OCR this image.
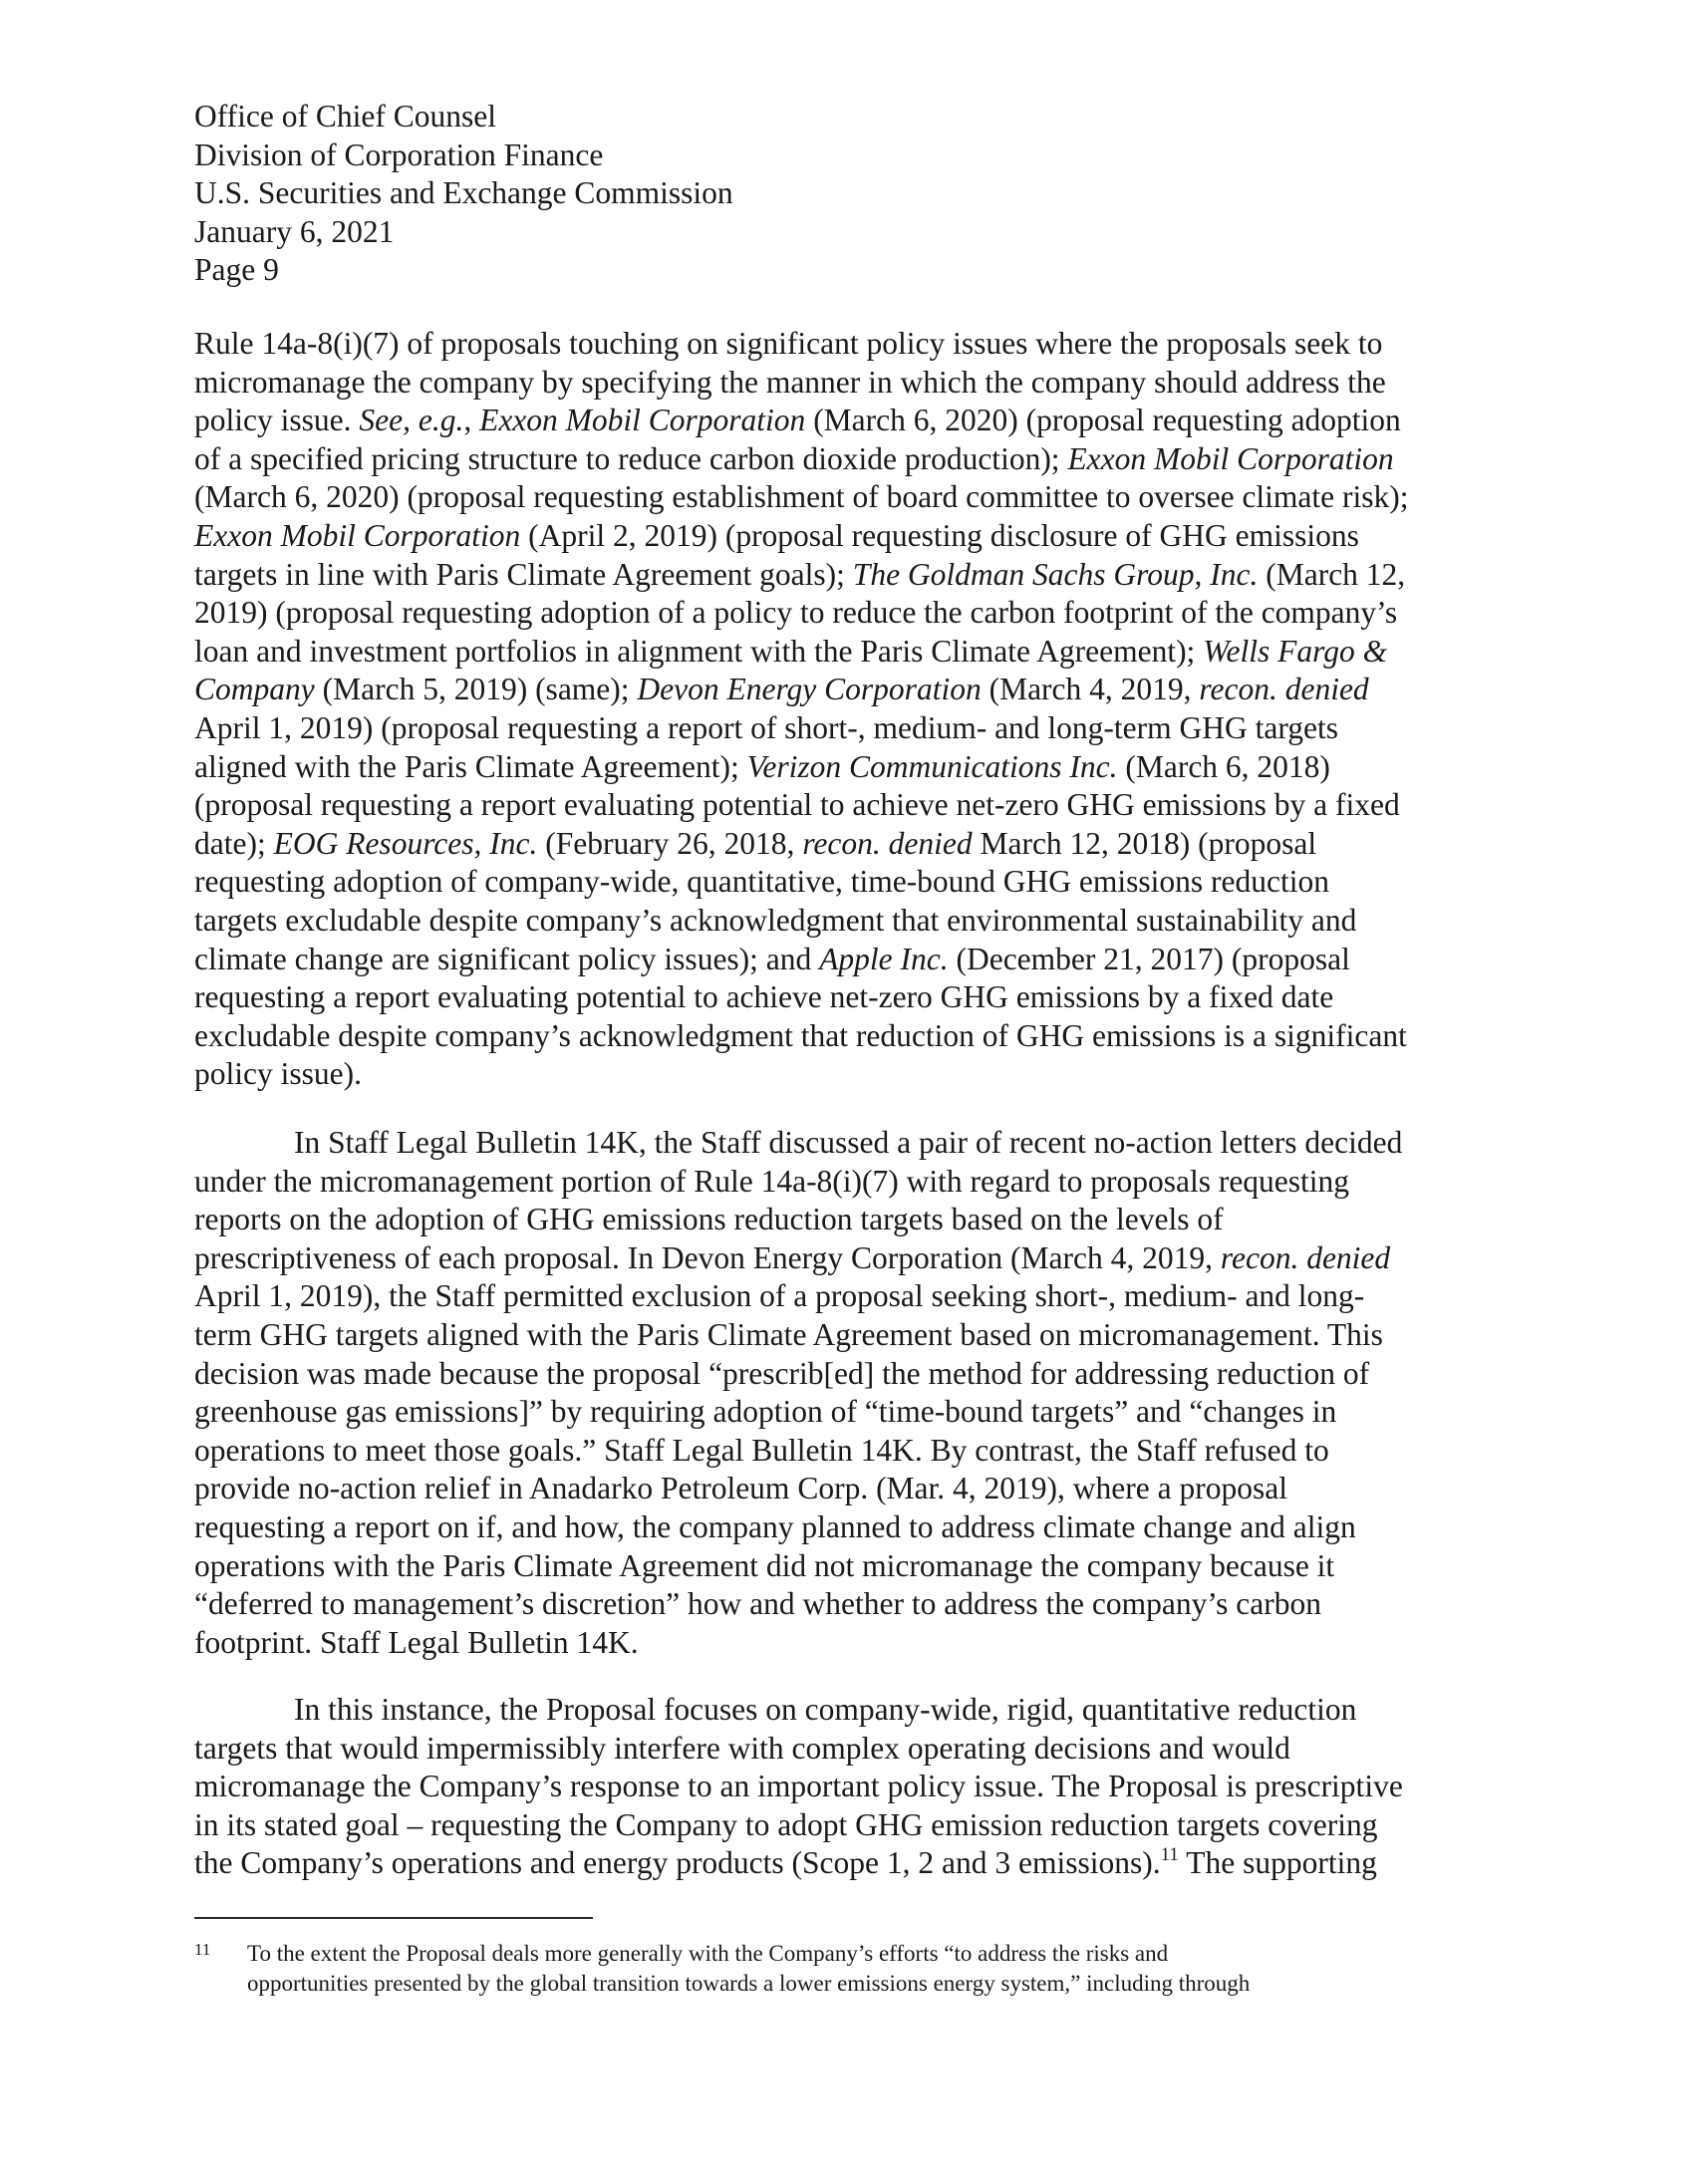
Office of Chief Counsel
Division of Corporation Finance
U.S. Securities and Exchange Commission
January 6, 2021
Page 9

Rule 14a-8(i)(7) of proposals touching on significant policy issues where the proposals seek to
micromanage the company by specifying the manner in which the company should address the
policy issue. See, e.g., Exxon Mobil Corporation (March 6, 2020) (proposal requesting adoption
of a specified pricing structure to reduce carbon dioxide production); Exxon Mobil Corporation
(March 6, 2020) (proposal requesting establishment of board committee to oversee climate risk);
Exxon Mobil Corporation (April 2, 2019) (proposal requesting disclosure of GHG emissions
targets in line with Paris Climate Agreement goals); The Goldman Sachs Group, Inc. (March 12,
2019) (proposal requesting adoption of a policy to reduce the carbon footprint of the company’s
loan and investment portfolios in alignment with the Paris Climate Agreement); Wells Fargo &
Company (March 5, 2019) (same); Devon Energy Corporation (March 4, 2019, recon. denied
April 1, 2019) (proposal requesting a report of short-, medium- and long-term GHG targets
aligned with the Paris Climate Agreement); Verizon Communications Inc. (March 6, 2018)
(proposal requesting a report evaluating potential to achieve net-zero GHG emissions by a fixed
date); EOG Resources, Inc. (February 26, 2018, recon. denied March 12, 2018) (proposal
requesting adoption of company-wide, quantitative, time-bound GHG emissions reduction
targets excludable despite company’s acknowledgment that environmental sustainability and
climate change are significant policy issues); and Apple Inc. (December 21, 2017) (proposal
requesting a report evaluating potential to achieve net-zero GHG emissions by a fixed date
excludable despite company’s acknowledgment that reduction of GHG emissions is a significant
policy issue).

In Staff Legal Bulletin 14K, the Staff discussed a pair of recent no-action letters decided
under the micromanagement portion of Rule 14a-8(i)(7) with regard to proposals requesting
reports on the adoption of GHG emissions reduction targets based on the levels of
prescriptiveness of each proposal. In Devon Energy Corporation (March 4, 2019, recon. denied
April 1, 2019), the Staff permitted exclusion of a proposal seeking short-, medium- and long-
term GHG targets aligned with the Paris Climate Agreement based on micromanagement. This
decision was made because the proposal “prescrib[ed] the method for addressing reduction of
greenhouse gas emissions]” by requiring adoption of “time-bound targets” and “changes in
operations to meet those goals.” Staff Legal Bulletin 14K. By contrast, the Staff refused to
provide no-action relief in Anadarko Petroleum Corp. (Mar. 4, 2019), where a proposal
requesting a report on if, and how, the company planned to address climate change and align
operations with the Paris Climate Agreement did not micromanage the company because it
“deferred to management’s discretion” how and whether to address the company’s carbon
footprint. Staff Legal Bulletin 14K.

In this instance, the Proposal focuses on company-wide, rigid, quantitative reduction
targets that would impermissibly interfere with complex operating decisions and would
micromanage the Company’s response to an important policy issue. The Proposal is prescriptive
in its stated goal – requesting the Company to adopt GHG emission reduction targets covering
the Company’s operations and energy products (Scope 1, 2 and 3 emissions).$^{11}$ The supporting

11 To the extent the Proposal deals more generally with the Company’s efforts “to address the risks and
opportunities presented by the global transition towards a lower emissions energy system,” including through
